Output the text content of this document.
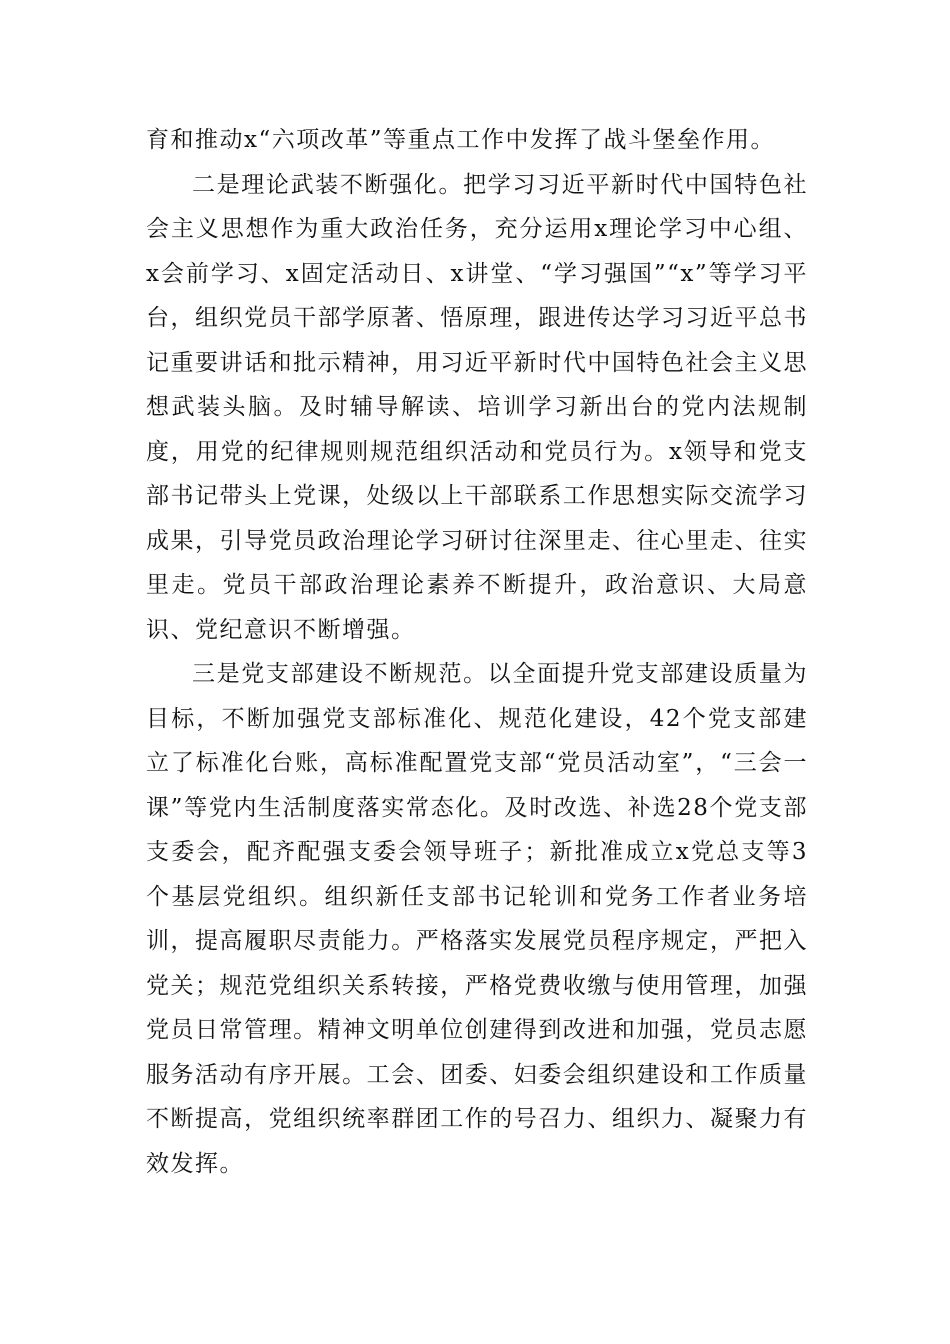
育和推动x“六项改革”等重点工作中发挥了战斗堡垒作用。

二是理论武装不断强化。把学习习近平新时代中国特色社会主义思想作为重大政治任务，充分运用x理论学习中心组、x会前学习、x固定活动日、x讲堂、“学习强国”“x”等学习平台，组织党员干部学原著、悟原理，跟进传达学习习近平总书记重要讲话和批示精神，用习近平新时代中国特色社会主义思想武装头脑。及时辅导解读、培训学习新出台的党内法规制度，用党的纪律规则规范组织活动和党员行为。x领导和党支部书记带头上党课，处级以上干部联系工作思想实际交流学习成果，引导党员政治理论学习研讨往深里走、往心里走、往实里走。党员干部政治理论素养不断提升，政治意识、大局意识、党纪意识不断增强。

三是党支部建设不断规范。以全面提升党支部建设质量为目标，不断加强党支部标准化、规范化建设，42个党支部建立了标准化台账，高标准配置党支部“党员活动室”，“三会一课”等党内生活制度落实常态化。及时改选、补选28个党支部支委会，配齐配强支委会领导班子；新批准成立x党总支等3个基层党组织。组织新任支部书记轮训和党务工作者业务培训，提高履职尽责能力。严格落实发展党员程序规定，严把入党关；规范党组织关系转接，严格党费收缴与使用管理，加强党员日常管理。精神文明单位创建得到改进和加强，党员志愿服务活动有序开展。工会、团委、妇委会组织建设和工作质量不断提高，党组织统率群团工作的号召力、组织力、凝聚力有效发挥。
